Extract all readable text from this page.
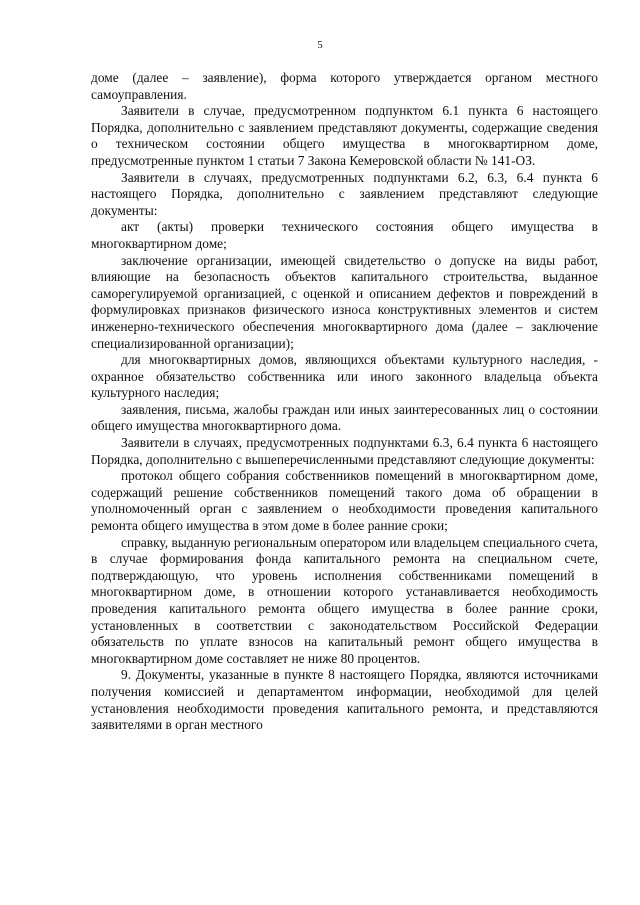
5

доме (далее – заявление), форма которого утверждается органом местного самоуправления.

Заявители в случае, предусмотренном подпунктом 6.1 пункта 6 настоящего Порядка, дополнительно с заявлением представляют документы, содержащие сведения о техническом состоянии общего имущества в многоквартирном доме, предусмотренные пунктом 1 статьи 7 Закона Кемеровской области № 141-ОЗ.

Заявители в случаях, предусмотренных подпунктами 6.2, 6.3, 6.4 пункта 6 настоящего Порядка, дополнительно с заявлением представляют следующие документы:

акт (акты) проверки технического состояния общего имущества в многоквартирном доме;

заключение организации, имеющей свидетельство о допуске на виды работ, влияющие на безопасность объектов капитального строительства, выданное саморегулируемой организацией, с оценкой и описанием дефектов и повреждений в формулировках признаков физического износа конструктивных элементов и систем инженерно-технического обеспечения многоквартирного дома (далее – заключение специализированной организации);

для многоквартирных домов, являющихся объектами культурного наследия, - охранное обязательство собственника или иного законного владельца объекта культурного наследия;

заявления, письма, жалобы граждан или иных заинтересованных лиц о состоянии общего имущества многоквартирного дома.

Заявители в случаях, предусмотренных подпунктами 6.3, 6.4 пункта 6 настоящего Порядка, дополнительно с вышеперечисленными представляют следующие документы:

протокол общего собрания собственников помещений в многоквартирном доме, содержащий решение собственников помещений такого дома об обращении в уполномоченный орган с заявлением о необходимости проведения капитального ремонта общего имущества в этом доме в более ранние сроки;

справку, выданную региональным оператором или владельцем специального счета, в случае формирования фонда капитального ремонта на специальном счете, подтверждающую, что уровень исполнения собственниками помещений в многоквартирном доме, в отношении которого устанавливается необходимость проведения капитального ремонта общего имущества в более ранние сроки, установленных в соответствии с законодательством Российской Федерации обязательств по уплате взносов на капитальный ремонт общего имущества в многоквартирном доме составляет не ниже 80 процентов.

9. Документы, указанные в пункте 8 настоящего Порядка, являются источниками получения комиссией и департаментом информации, необходимой для целей установления необходимости проведения капитального ремонта, и представляются заявителями в орган местного
